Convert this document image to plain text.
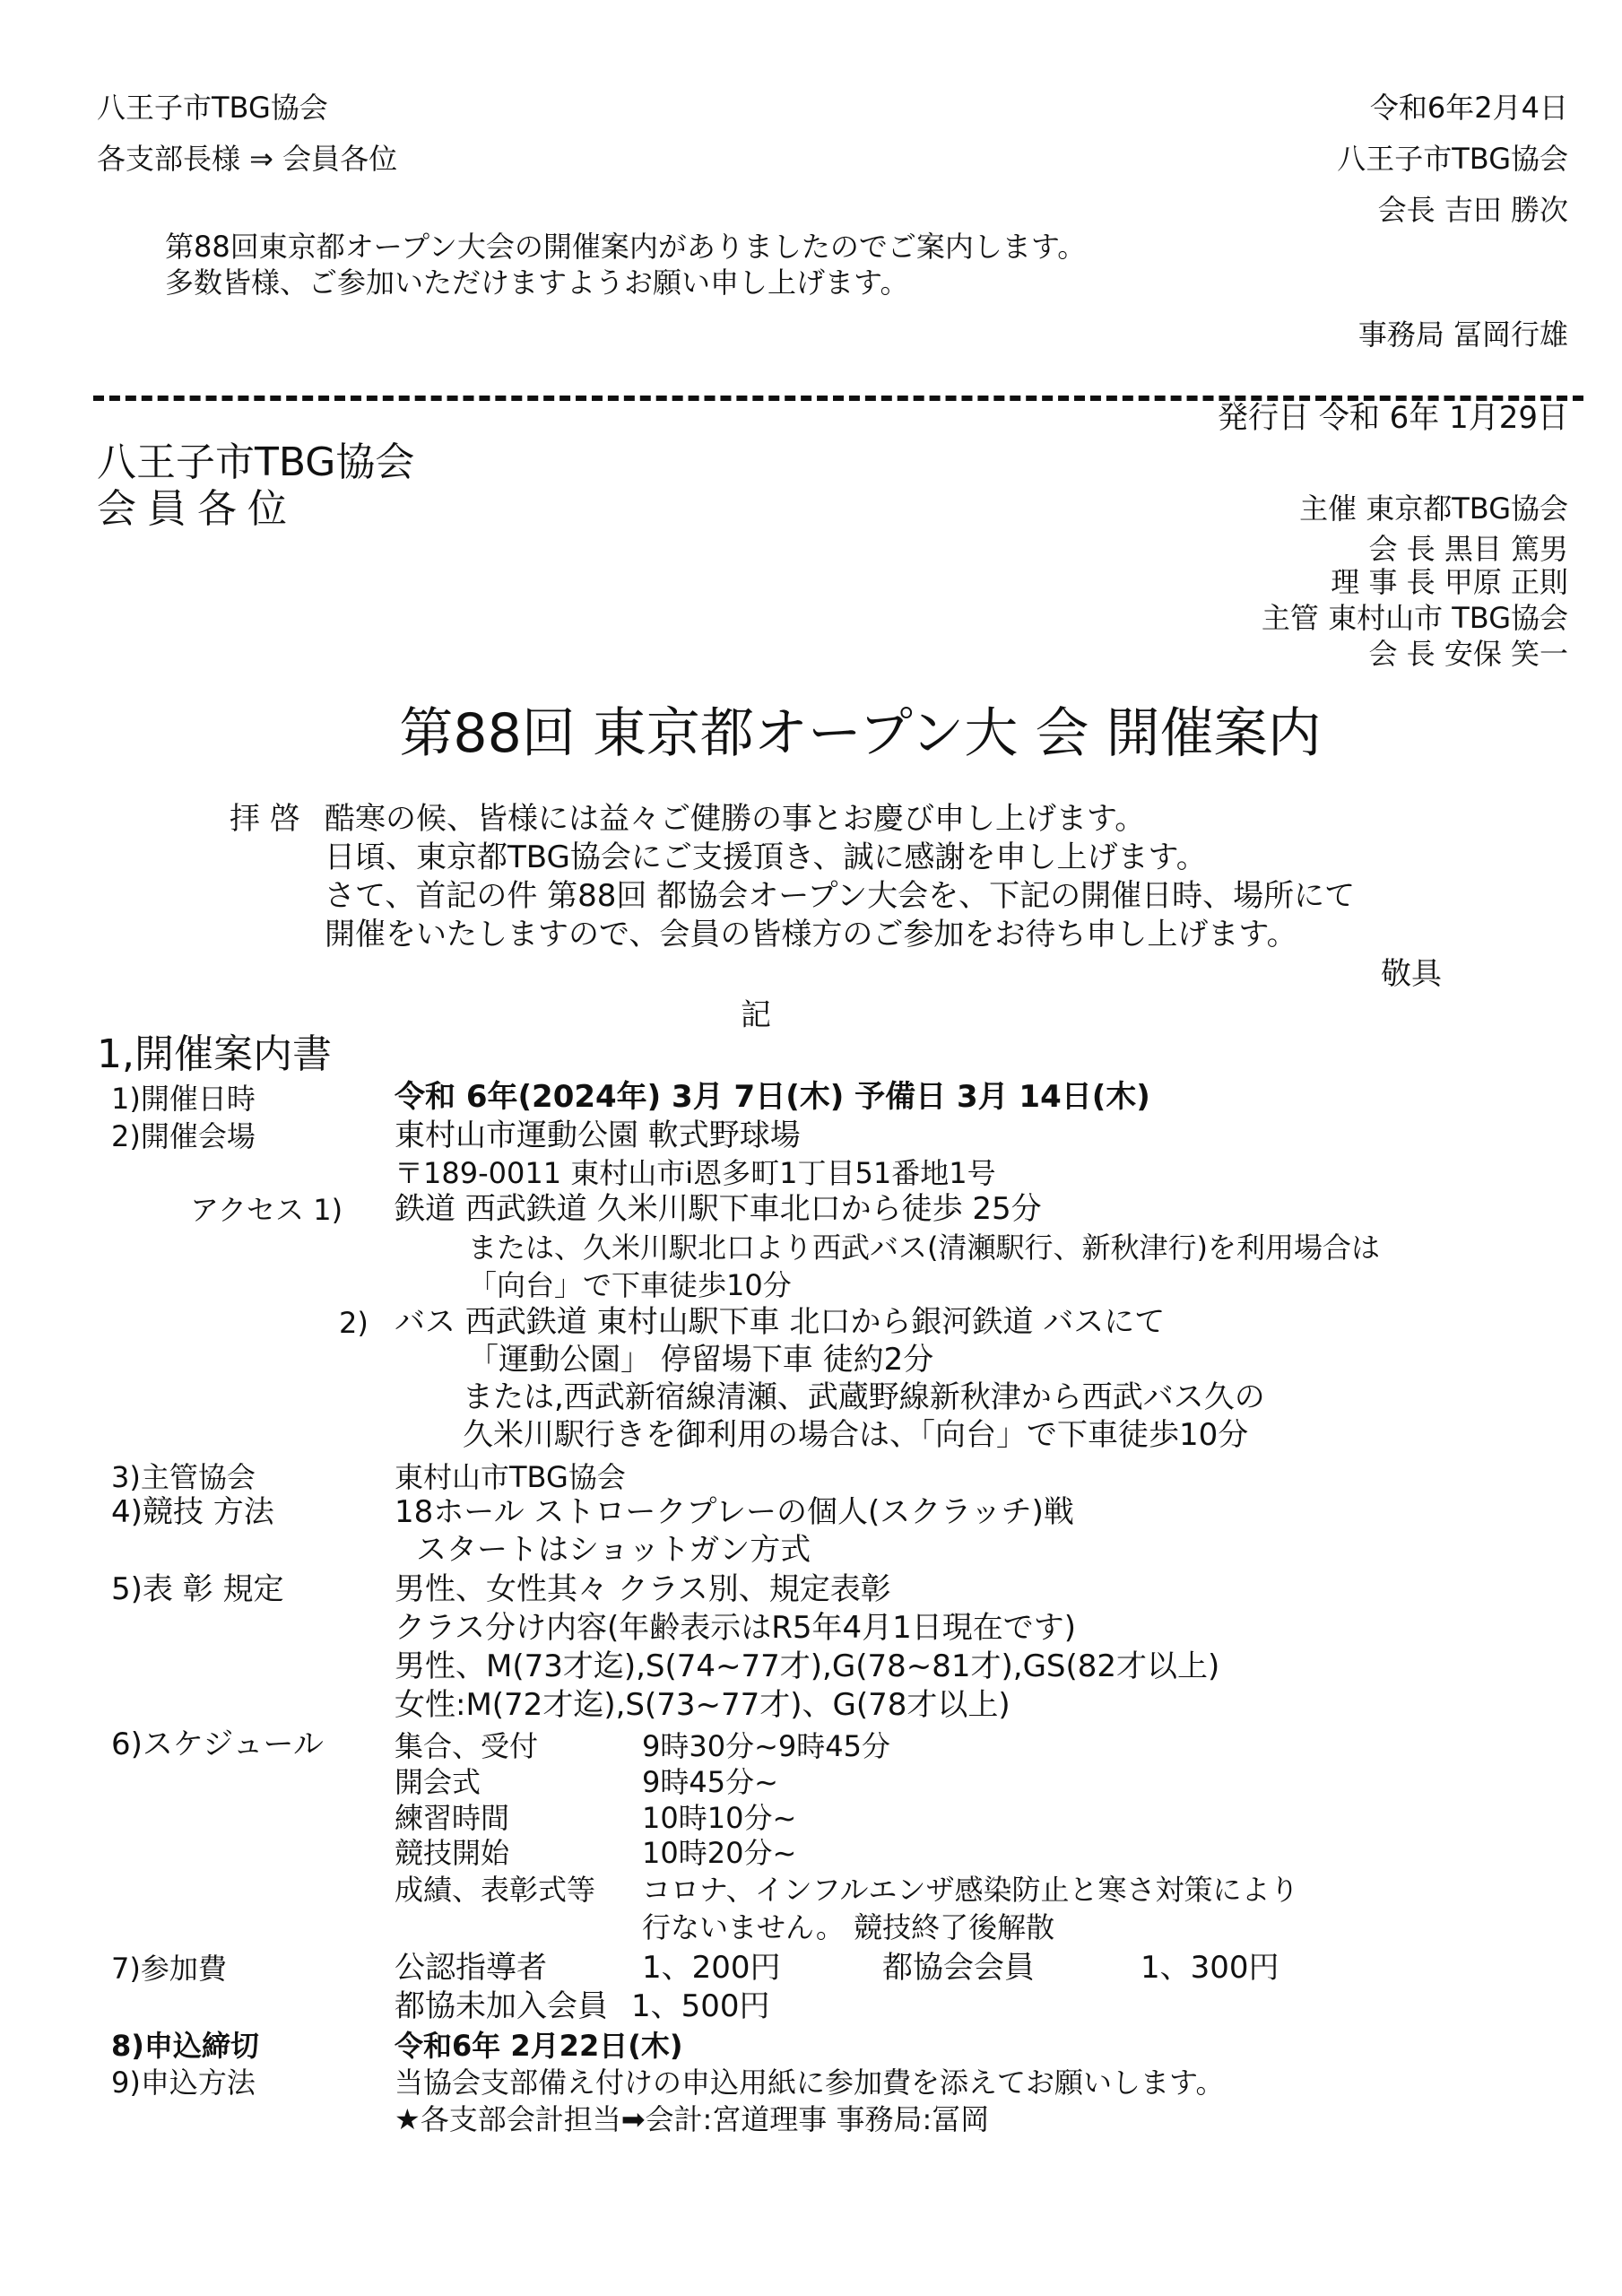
八王子市TBG協会	令和6年2月4日
各支部長様 ⇒ 会員各位	八王子市TBG協会
会長 吉田 勝次
第88回東京都オープン大会の開催案内がありましたのでご案内します。
多数皆様、ご参加いただけますようお願い申し上げます。
事務局 冨岡行雄
発行日 令和 6年 1月29日
八王子市TBG協会
会員各位	主催 東京都TBG協会
会 長 黒目 篤男
理 事 長 甲原 正則
主管 東村山市 TBG協会
会 長 安保 笑一
第88回 東京都オープン大 会 開催案内
拝 啓 酷寒の候、皆様には益々ご健勝の事とお慶び申し上げます。
日頃、東京都TBG協会にご支援頂き、誠に感謝を申し上げます。
さて、首記の件 第88回 都協会オープン大会を、下記の開催日時、場所にて
開催をいたしますので、会員の皆様方のご参加をお待ち申し上げます。
敬具
記
1,開催案内書
1)開催日時	令和 6年(2024年) 3月 7日(木) 予備日 3月 14日(木)
2)開催会場	東村山市運動公園 軟式野球場
〒189-0011 東村山市i恩多町1丁目51番地1号
アクセス 1) 鉄道 西武鉄道 久米川駅下車北口から徒歩 25分
または、久米川駅北口より西武バス(清瀬駅行、新秋津行)を利用場合は
「向台」で下車徒歩10分
2) バス 西武鉄道 東村山駅下車 北口から銀河鉄道 バスにて
「運動公園」 停留場下車 徒約2分
または,西武新宿線清瀬、武蔵野線新秋津から西武バス久の
久米川駅行きを御利用の場合は、「向台」で下車徒歩10分
3)主管協会	東村山市TBG協会
4)競技 方法	18ホール ストロークプレーの個人(スクラッチ)戦
スタートはショットガン方式
5)表 彰 規定	男性、女性其々 クラス別、規定表彰
クラス分け内容(年齢表示はR5年4月1日現在です)
男性、M(73才迄),S(74~77才),G(78~81才),GS(82才以上)
女性:M(72才迄),S(73~77才)、G(78才以上)
6)スケジュール 集合、受付	9時30分~9時45分
開会式	9時45分~
練習時間	10時10分~
競技開始	10時20分~
成績、表彰式等 コロナ、インフルエンザ感染防止と寒さ対策により
行ないません。 競技終了後解散
7)参加費	公認指導者	1、200円	都協会会員	1、300円
都協未加入会員 1、500円
8)申込締切	令和6年 2月22日(木)
9)申込方法	当協会支部備え付けの申込用紙に参加費を添えてお願いします。
★各支部会計担当➡会計:宮道理事 事務局:冨岡
